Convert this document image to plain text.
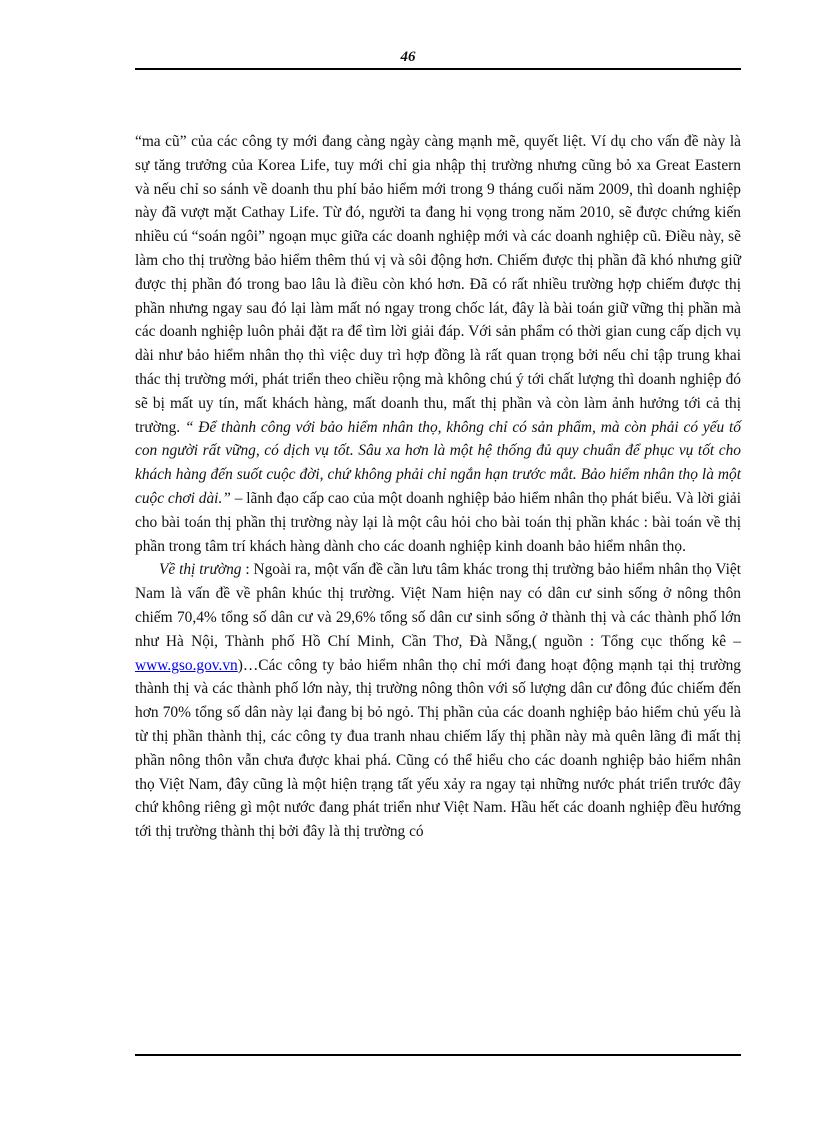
46

“ma cũ” của các công ty mới đang càng ngày càng mạnh mẽ, quyết liệt. Ví dụ cho vấn đề này là sự tăng trưởng của Korea Life, tuy mới chỉ gia nhập thị trường nhưng cũng bỏ xa Great Eastern và nếu chỉ so sánh về doanh thu phí bảo hiểm mới trong 9 tháng cuối năm 2009, thì doanh nghiệp này đã vượt mặt Cathay Life. Từ đó, người ta đang hi vọng trong năm 2010, sẽ được chứng kiến nhiều cú “soán ngôi” ngoạn mục giữa các doanh nghiệp mới và các doanh nghiệp cũ. Điều này, sẽ làm cho thị trường bảo hiểm thêm thú vị và sôi động hơn. Chiếm được thị phần đã khó nhưng giữ được thị phần đó trong bao lâu là điều còn khó hơn. Đã có rất nhiều trường hợp chiếm được thị phần nhưng ngay sau đó lại làm mất nó ngay trong chốc lát, đây là bài toán giữ vững thị phần mà các doanh nghiệp luôn phải đặt ra để tìm lời giải đáp. Với sản phẩm có thời gian cung cấp dịch vụ dài như bảo hiểm nhân thọ thì việc duy trì hợp đồng là rất quan trọng bởi nếu chỉ tập trung khai thác thị trường mới, phát triển theo chiều rộng mà không chú ý tới chất lượng thì doanh nghiệp đó sẽ bị mất uy tín, mất khách hàng, mất doanh thu, mất thị phần và còn làm ảnh hưởng tới cả thị trường. “ Để thành công với bảo hiểm nhân thọ, không chỉ có sản phẩm, mà còn phải có yếu tố con người rất vững, có dịch vụ tốt. Sâu xa hơn là một hệ thống đủ quy chuẩn để phục vụ tốt cho khách hàng đến suốt cuộc đời, chứ không phải chỉ ngắn hạn trước mắt. Bảo hiểm nhân thọ là một cuộc chơi dài.” – lãnh đạo cấp cao của một doanh nghiệp bảo hiểm nhân thọ phát biểu. Và lời giải cho bài toán thị phần thị trường này lại là một câu hỏi cho bài toán thị phần khác : bài toán về thị phần trong tâm trí khách hàng dành cho các doanh nghiệp kinh doanh bảo hiểm nhân thọ.

Về thị trường : Ngoài ra, một vấn đề cần lưu tâm khác trong thị trường bảo hiểm nhân thọ Việt Nam là vấn đề về phân khúc thị trường. Việt Nam hiện nay có dân cư sinh sống ở nông thôn chiếm 70,4% tổng số dân cư và 29,6% tổng số dân cư sinh sống ở thành thị và các thành phố lớn như Hà Nội, Thành phố Hồ Chí Minh, Cần Thơ, Đà Nẵng,( nguồn : Tổng cục thống kê – www.gso.gov.vn)…Các công ty bảo hiểm nhân thọ chỉ mới đang hoạt động mạnh tại thị trường thành thị và các thành phố lớn này, thị trường nông thôn với số lượng dân cư đông đúc chiếm đến hơn 70% tổng số dân này lại đang bị bỏ ngỏ. Thị phần của các doanh nghiệp bảo hiểm chủ yếu là từ thị phần thành thị, các công ty đua tranh nhau chiếm lấy thị phần này mà quên lãng đi mất thị phần nông thôn vẫn chưa được khai phá. Cũng có thể hiểu cho các doanh nghiệp bảo hiểm nhân thọ Việt Nam, đây cũng là một hiện trạng tất yếu xảy ra ngay tại những nước phát triển trước đây chứ không riêng gì một nước đang phát triển như Việt Nam. Hầu hết các doanh nghiệp đều hướng tới thị trường thành thị bởi đây là thị trường có
